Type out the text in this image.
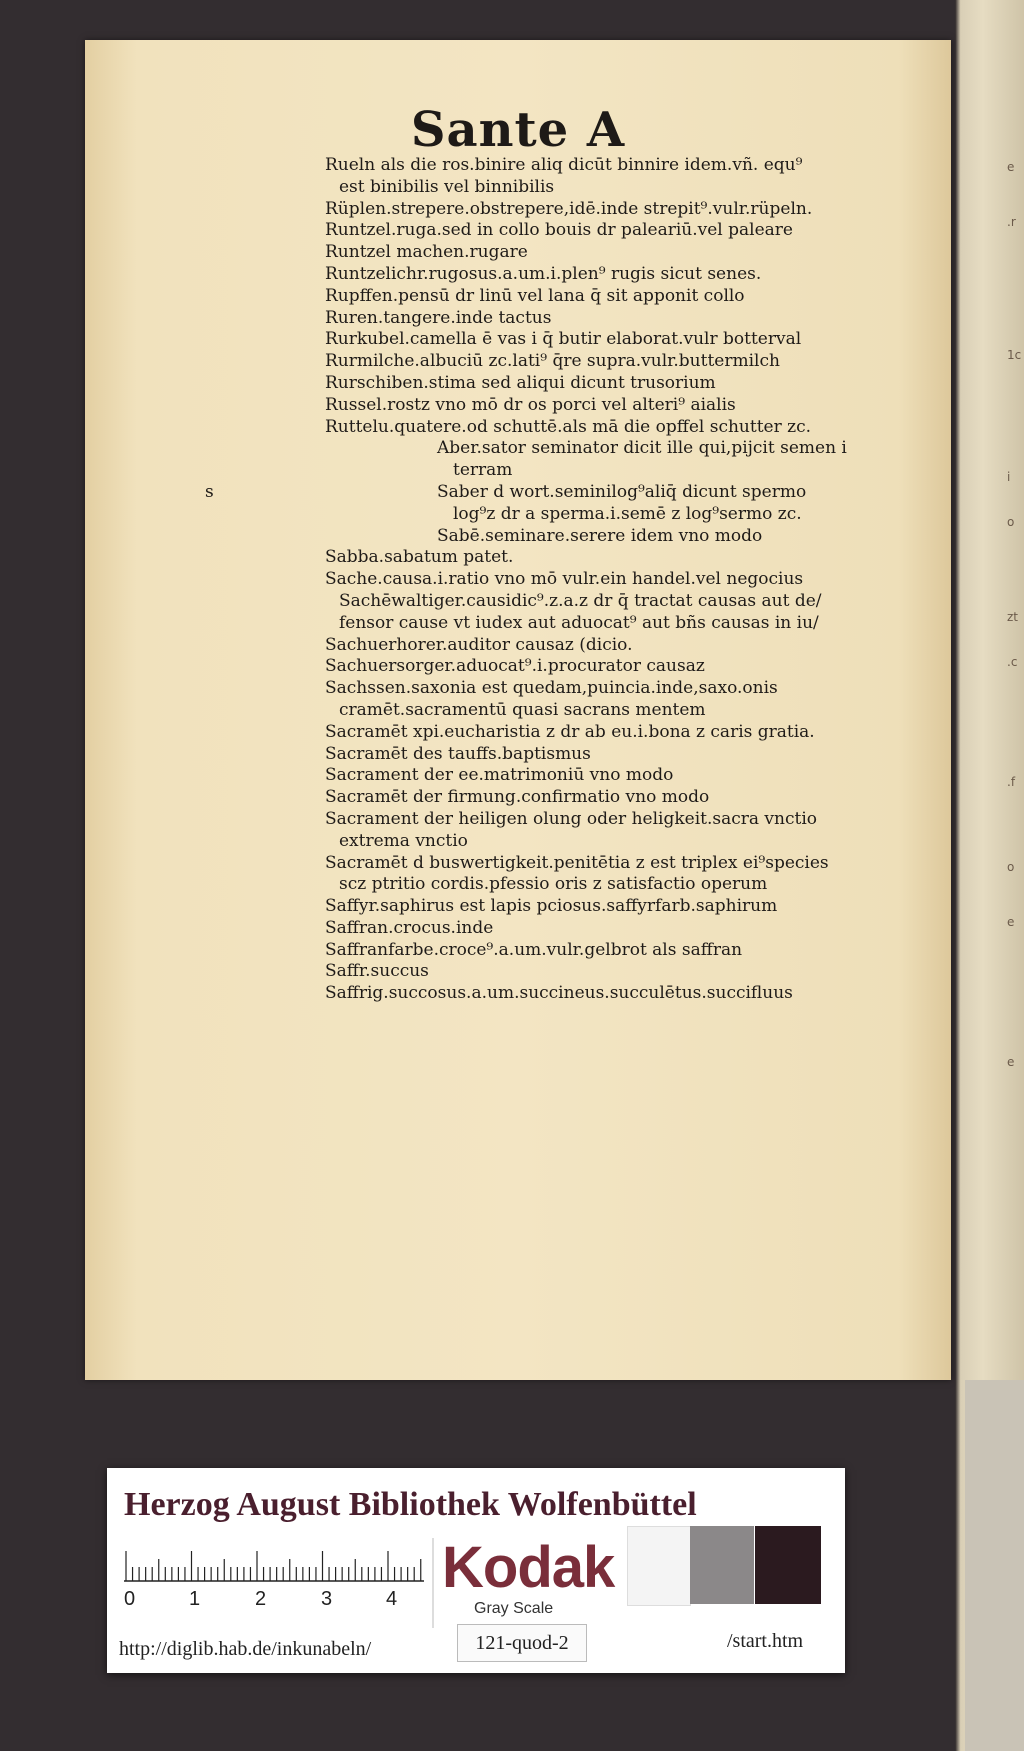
e
.r
1c
i
o
zt
.c
.f
o
e
e
Sante A
Rueln als die ros.binire aliq dicūt binnire idem.vñ. equ⁹
est binibilis vel binnibilis
Rüplen.strepere.obstrepere,idē.inde strepit⁹.vulr.rüpeln.
Runtzel.ruga.sed in collo bouis dr paleariū.vel paleare
Runtzel machen.rugare
Runtzelichr.rugosus.a.um.i.plen⁹ rugis sicut senes.
Rupffen.pensū dr linū vel lana q̄ sit apponit collo
Ruren.tangere.inde tactus
Rurkubel.camella ē vas i q̄ butir elaborat.vulr botterval
Rurmilche.albuciū zc.lati⁹ q̄re supra.vulr.buttermilch
Rurschiben.stima sed aliqui dicunt trusorium
Russel.rostz vno mō dr os porci vel alteri⁹ aialis
Ruttelu.quatere.od schuttē.als mā die opffel schutter zc.
Aber.sator seminator dicit ille qui,pijcit semen i
terram
s	Saber d wort.seminilog⁹aliq̄ dicunt spermo
log⁹z dr a sperma.i.semē z log⁹sermo zc.
Sabē.seminare.serere idem vno modo
Sabba.sabatum patet.
Sache.causa.i.ratio vno mō vulr.ein handel.vel negocius
Sachēwaltiger.causidic⁹.z.a.z dr q̄ tractat causas aut de/
fensor cause vt iudex aut aduocat⁹ aut bñs causas in iu/
Sachuerhorer.auditor causaz (dicio.
Sachuersorger.aduocat⁹.i.procurator causaz
Sachssen.saxonia est quedam,puincia.inde,saxo.onis
cramēt.sacramentū quasi sacrans mentem
Sacramēt xpi.eucharistia z dr ab eu.i.bona z caris gratia.
Sacramēt des tauffs.baptismus
Sacrament der ee.matrimoniū vno modo
Sacramēt der firmung.confirmatio vno modo
Sacrament der heiligen olung oder heligkeit.sacra vnctio
extrema vnctio
Sacramēt d buswertigkeit.penitētia z est triplex ei⁹species
scz ptritio cordis.pfessio oris z satisfactio operum
Saffyr.saphirus est lapis pciosus.saffyrfarb.saphirum
Saffran.crocus.inde
Saffranfarbe.croce⁹.a.um.vulr.gelbrot als saffran
Saffr.succus
Saffrig.succosus.a.um.succineus.succulētus.succifluus
Herzog August Bibliothek Wolfenbüttel
0	1	2	3	4 Kodak
Gray Scale
http://diglib.hab.de/inkunabeln/	121-quod-2	/start.htm
